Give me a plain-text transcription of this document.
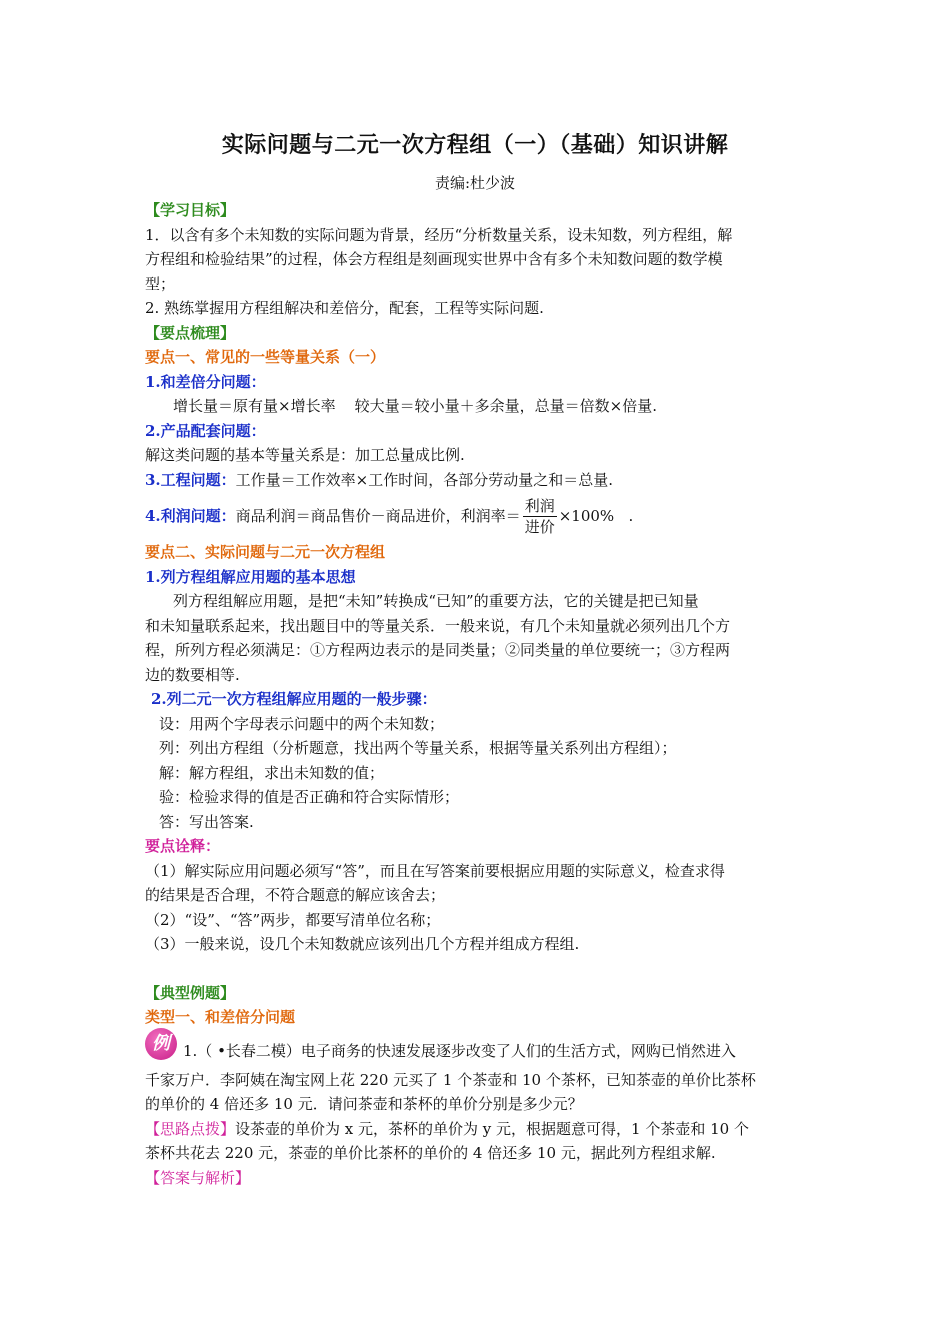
实际问题与二元一次方程组（一）（基础）知识讲解
责编:杜少波

【学习目标】

1．以含有多个未知数的实际问题为背景，经历“分析数量关系，设未知数，列方程组，解

方程组和检验结果”的过程，体会方程组是刻画现实世界中含有多个未知数问题的数学模

型；

2. 熟练掌握用方程组解决和差倍分，配套，工程等实际问题.

【要点梳理】

要点一、常见的一些等量关系（一）

1.和差倍分问题：

增长量＝原有量×增长率    较大量＝较小量＋多余量，总量＝倍数×倍量.

2.产品配套问题：

解这类问题的基本等量关系是：加工总量成比例.

3.工程问题：工作量＝工作效率×工作时间，各部分劳动量之和＝总量.

4.利润问题： 商品利润＝商品售价－商品进价，利润率＝ $\frac{\text{利润}}{\text{进价}} \times 100\%$   .

要点二、实际问题与二元一次方程组

1.列方程组解应用题的基本思想

列方程组解应用题，是把“未知”转换成“已知”的重要方法，它的关键是把已知量

和未知量联系起来，找出题目中的等量关系．一般来说，有几个未知量就必须列出几个方

程，所列方程必须满足：①方程两边表示的是同类量；②同类量的单位要统一；③方程两

边的数要相等.

2.列二元一次方程组解应用题的一般步骤：

设：用两个字母表示问题中的两个未知数；

列：列出方程组（分析题意，找出两个等量关系，根据等量关系列出方程组）；

解：解方程组，求出未知数的值；

验：检验求得的值是否正确和符合实际情形；

答：写出答案.

要点诠释：

（1）解实际应用问题必须写“答”，而且在写答案前要根据应用题的实际意义，检查求得

的结果是否合理，不符合题意的解应该舍去；

（2）“设”、“答”两步，都要写清单位名称；

（3）一般来说，设几个未知数就应该列出几个方程并组成方程组.

【典型例题】

类型一、和差倍分问题

例 1.（ •长春二模）电子商务的快速发展逐步改变了人们的生活方式，网购已悄然进入

千家万户．李阿姨在淘宝网上花 220 元买了 1 个茶壶和 10 个茶杯，已知茶壶的单价比茶杯

的单价的 4 倍还多 10 元．请问茶壶和茶杯的单价分别是多少元？

【思路点拨】设茶壶的单价为 x 元，茶杯的单价为 y 元，根据题意可得，1 个茶壶和 10 个

茶杯共花去 220 元，茶壶的单价比茶杯的单价的 4 倍还多 10 元，据此列方程组求解.

【答案与解析】
